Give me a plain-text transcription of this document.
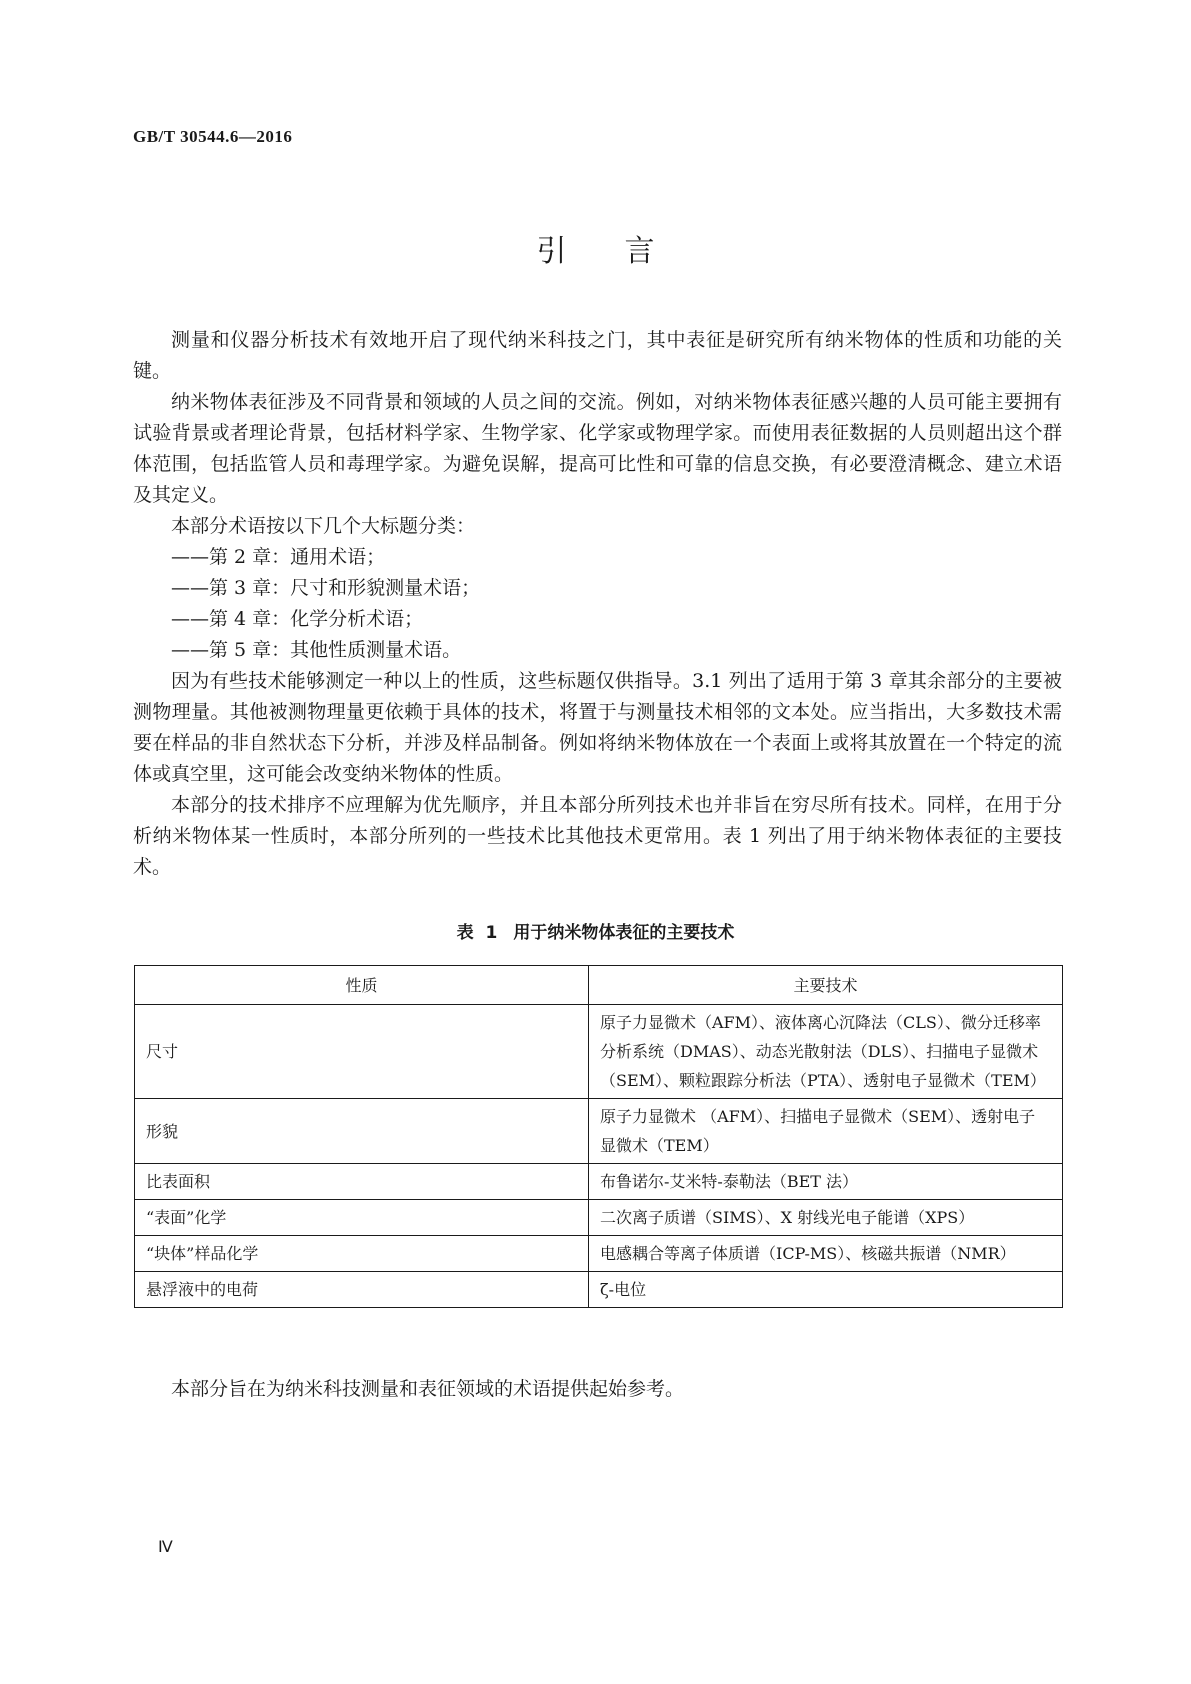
GB/T 30544.6—2016
引言

测量和仪器分析技术有效地开启了现代纳米科技之门，其中表征是研究所有纳米物体的性质和功能的关键。

纳米物体表征涉及不同背景和领域的人员之间的交流。例如，对纳米物体表征感兴趣的人员可能主要拥有试验背景或者理论背景，包括材料学家、生物学家、化学家或物理学家。而使用表征数据的人员则超出这个群体范围，包括监管人员和毒理学家。为避免误解，提高可比性和可靠的信息交换，有必要澄清概念、建立术语及其定义。

本部分术语按以下几个大标题分类：

——第 2 章：通用术语；

——第 3 章：尺寸和形貌测量术语；

——第 4 章：化学分析术语；

——第 5 章：其他性质测量术语。

因为有些技术能够测定一种以上的性质，这些标题仅供指导。3.1 列出了适用于第 3 章其余部分的主要被测物理量。其他被测物理量更依赖于具体的技术，将置于与测量技术相邻的文本处。应当指出，大多数技术需要在样品的非自然状态下分析，并涉及样品制备。例如将纳米物体放在一个表面上或将其放置在一个特定的流体或真空里，这可能会改变纳米物体的性质。

本部分的技术排序不应理解为优先顺序，并且本部分所列技术也并非旨在穷尽所有技术。同样，在用于分析纳米物体某一性质时，本部分所列的一些技术比其他技术更常用。表 1 列出了用于纳米物体表征的主要技术。

表 1 用于纳米物体表征的主要技术
性质	主要技术
尺寸	原子力显微术（AFM）、液体离心沉降法（CLS）、微分迁移率分析系统（DMAS）、动态光散射法（DLS）、扫描电子显微术（SEM）、颗粒跟踪分析法（PTA）、透射电子显微术（TEM）
形貌	原子力显微术 （AFM）、扫描电子显微术（SEM）、透射电子显微术（TEM）
比表面积	布鲁诺尔-艾米特-泰勒法（BET 法）
“表面”化学	二次离子质谱（SIMS）、X 射线光电子能谱（XPS）
“块体”样品化学	电感耦合等离子体质谱（ICP-MS）、核磁共振谱（NMR）
悬浮液中的电荷	ζ-电位
本部分旨在为纳米科技测量和表征领域的术语提供起始参考。
Ⅳ
